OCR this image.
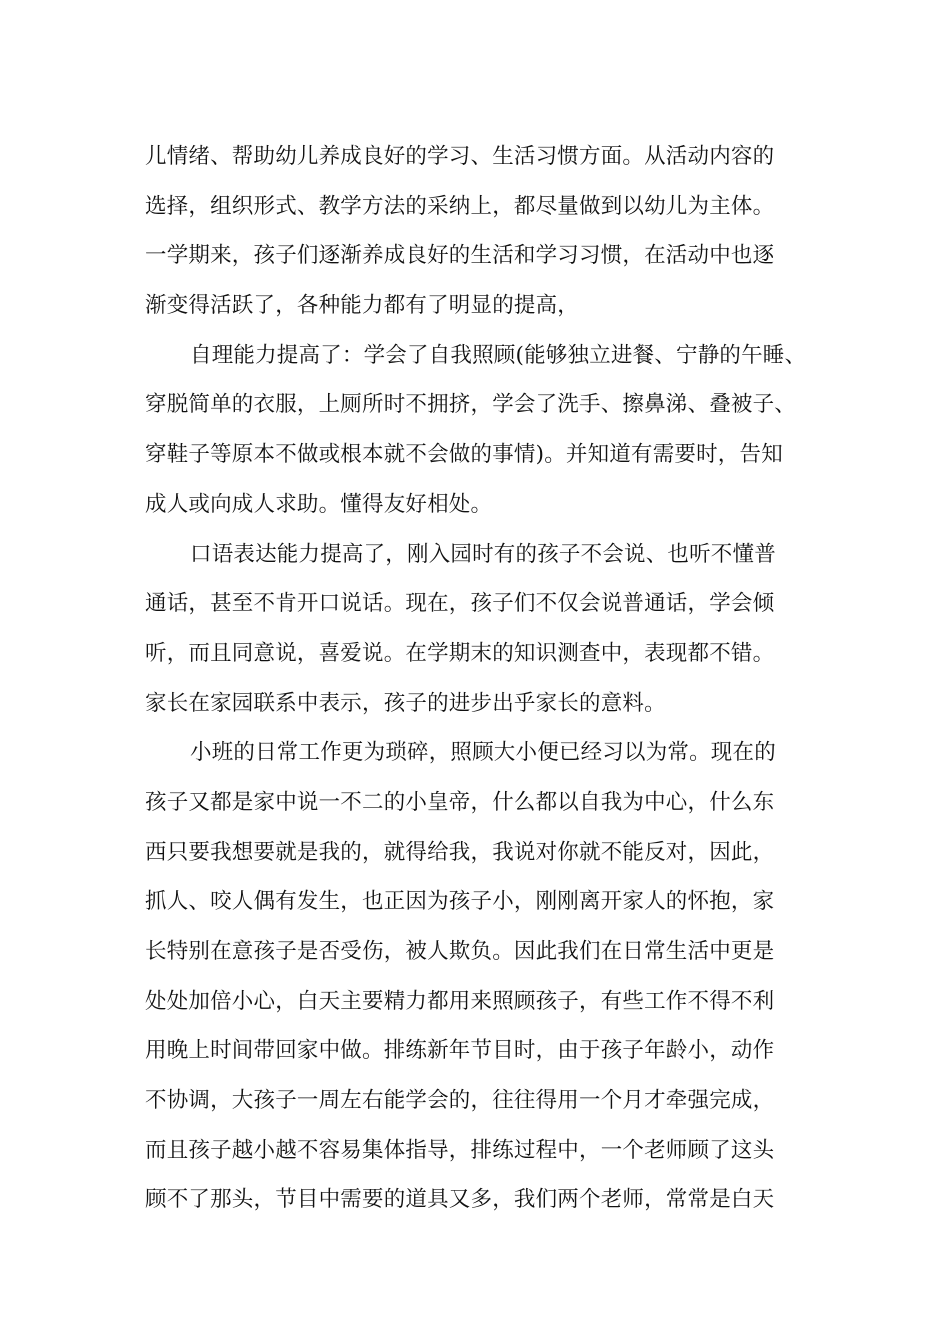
儿情绪、帮助幼儿养成良好的学习、生活习惯方面。从活动内容的
选择，组织形式、教学方法的采纳上，都尽量做到以幼儿为主体。
一学期来，孩子们逐渐养成良好的生活和学习习惯，在活动中也逐
渐变得活跃了，各种能力都有了明显的提高，
自理能力提高了：学会了自我照顾(能够独立进餐、宁静的午睡、
穿脱简单的衣服，上厕所时不拥挤，学会了洗手、擦鼻涕、叠被子、
穿鞋子等原本不做或根本就不会做的事情)。并知道有需要时，告知
成人或向成人求助。懂得友好相处。
口语表达能力提高了，刚入园时有的孩子不会说、也听不懂普
通话，甚至不肯开口说话。现在，孩子们不仅会说普通话，学会倾
听，而且同意说，喜爱说。在学期末的知识测查中，表现都不错。
家长在家园联系中表示，孩子的进步出乎家长的意料。
小班的日常工作更为琐碎，照顾大小便已经习以为常。现在的
孩子又都是家中说一不二的小皇帝，什么都以自我为中心，什么东
西只要我想要就是我的，就得给我，我说对你就不能反对，因此，
抓人、咬人偶有发生，也正因为孩子小，刚刚离开家人的怀抱，家
长特别在意孩子是否受伤，被人欺负。因此我们在日常生活中更是
处处加倍小心，白天主要精力都用来照顾孩子，有些工作不得不利
用晚上时间带回家中做。排练新年节目时，由于孩子年龄小，动作
不协调，大孩子一周左右能学会的，往往得用一个月才牵强完成，
而且孩子越小越不容易集体指导，排练过程中，一个老师顾了这头
顾不了那头，节目中需要的道具又多，我们两个老师，常常是白天
